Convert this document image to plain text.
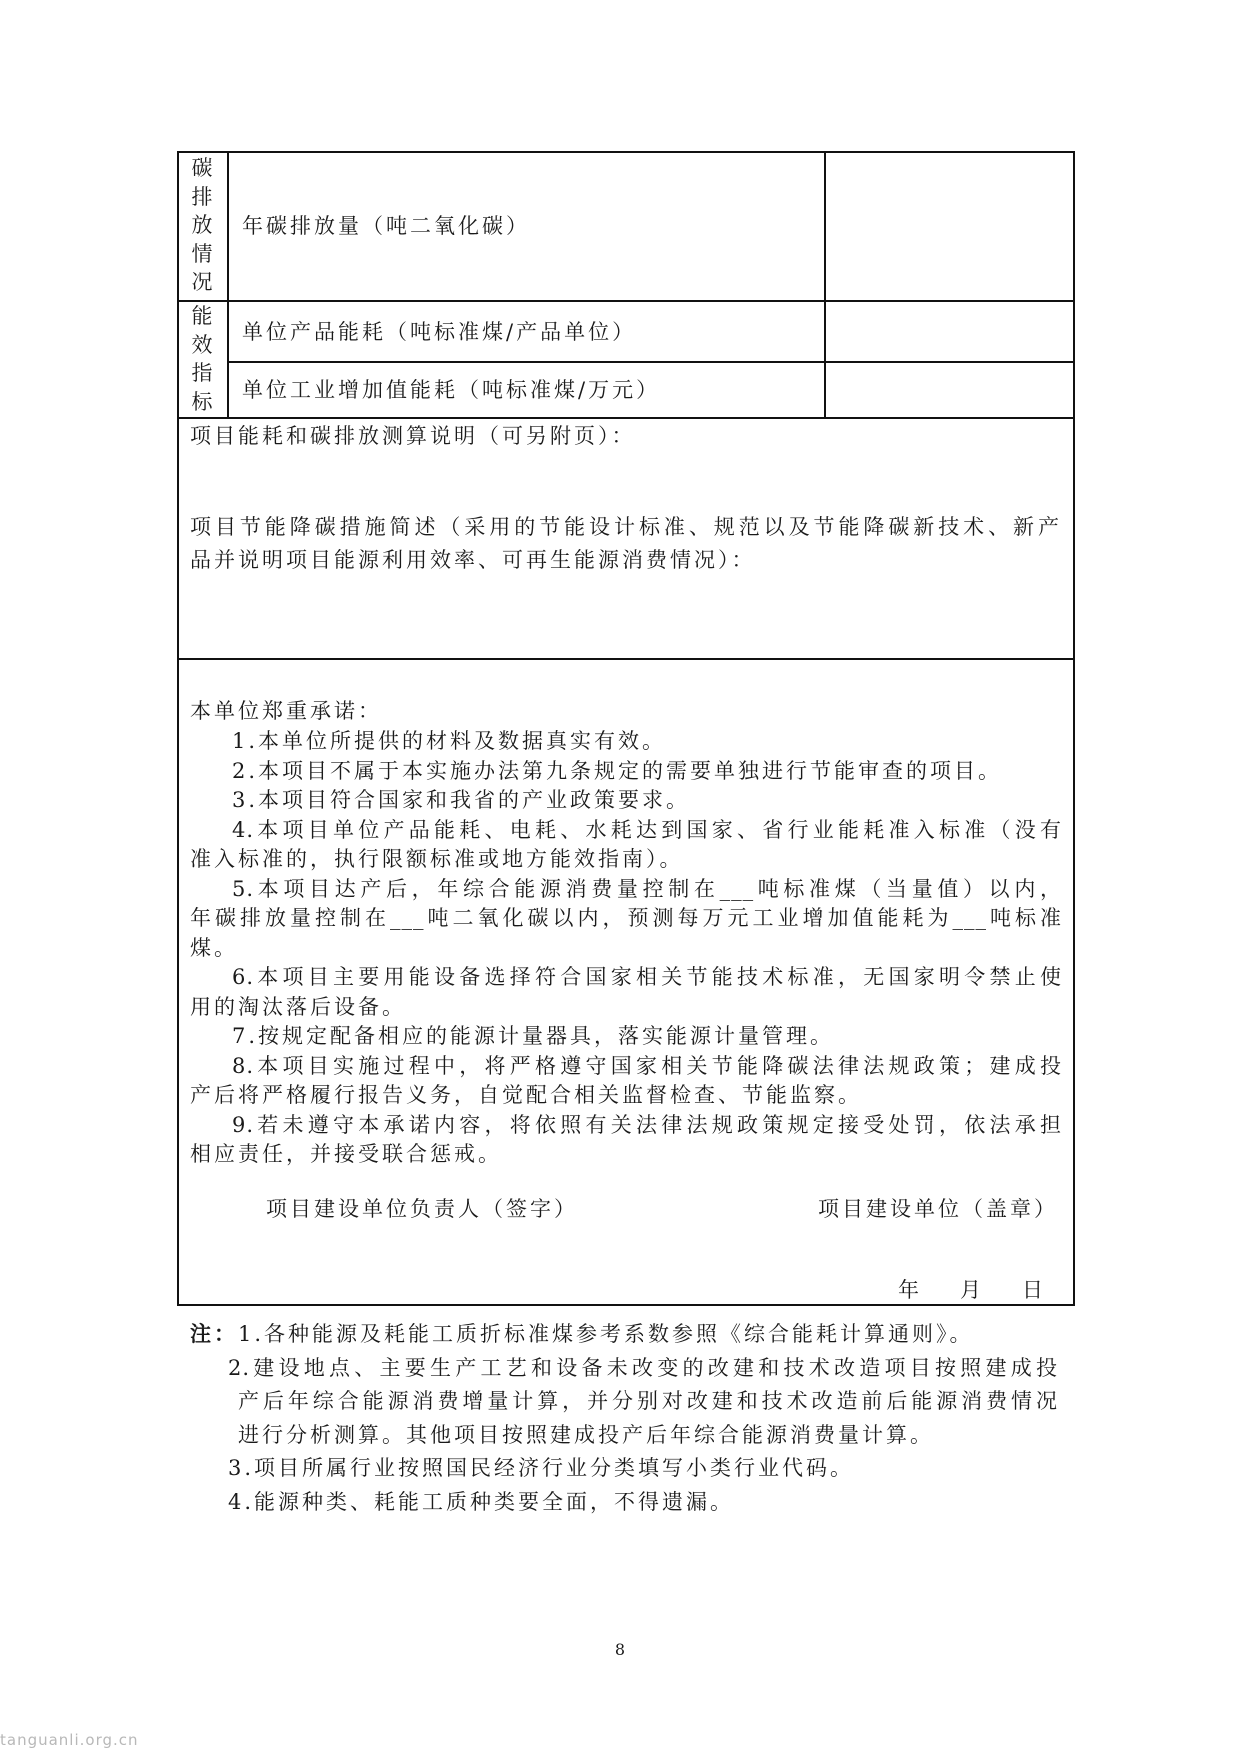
碳排放情况
年碳排放量（吨二氧化碳）
能效指标
单位产品能耗（吨标准煤/产品单位）
单位工业增加值能耗（吨标准煤/万元）
项目能耗和碳排放测算说明（可另附页）：
项目节能降碳措施简述（采用的节能设计标准、规范以及节能降碳新技术、新产
品并说明项目能源利用效率、可再生能源消费情况）：
本单位郑重承诺：
1.本单位所提供的材料及数据真实有效。
2.本项目不属于本实施办法第九条规定的需要单独进行节能审查的项目。
3.本项目符合国家和我省的产业政策要求。
4.本项目单位产品能耗、电耗、水耗达到国家、省行业能耗准入标准（没有
准入标准的，执行限额标准或地方能效指南）。
5.本项目达产后，年综合能源消费量控制在___吨标准煤（当量值）以内，
年碳排放量控制在___吨二氧化碳以内，预测每万元工业增加值能耗为___吨标准
煤。
6.本项目主要用能设备选择符合国家相关节能技术标准，无国家明令禁止使
用的淘汰落后设备。
7.按规定配备相应的能源计量器具，落实能源计量管理。
8.本项目实施过程中，将严格遵守国家相关节能降碳法律法规政策；建成投
产后将严格履行报告义务，自觉配合相关监督检查、节能监察。
9.若未遵守本承诺内容，将依照有关法律法规政策规定接受处罚，依法承担
相应责任，并接受联合惩戒。
项目建设单位负责人（签字）	项目建设单位（盖章）
年 月 日
注： 1.各种能源及耗能工质折标准煤参考系数参照《综合能耗计算通则》。
2.建设地点、主要生产工艺和设备未改变的改建和技术改造项目按照建成投
产后年综合能源消费增量计算，并分别对改建和技术改造前后能源消费情况
进行分析测算。其他项目按照建成投产后年综合能源消费量计算。
3.项目所属行业按照国民经济行业分类填写小类行业代码。
4.能源种类、耗能工质种类要全面，不得遗漏。
8
tanguanli.org.cn
